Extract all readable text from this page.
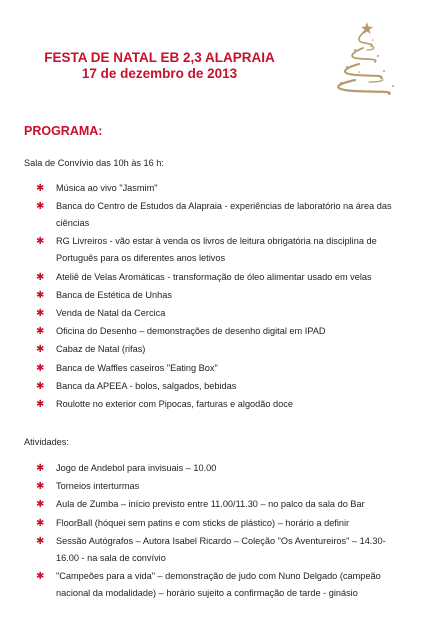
FESTA DE NATAL EB 2,3 ALAPRAIA
17 de dezembro de 2013
PROGRAMA:
Sala de Convívio das 10h às 16 h:
✱ Música ao vivo "Jasmim"
✱ Banca do Centro de Estudos da Alapraia - experiências de laboratório na área das ciências
✱ RG Livreiros - vão estar à venda os livros de leitura obrigatória na disciplina de Português para os diferentes anos letivos
✱ Ateliê de Velas Aromáticas - transformação de óleo alimentar usado em velas
✱ Banca de Estética de Unhas
✱ Venda de Natal da Cercica
✱ Oficina do Desenho – demonstrações de desenho digital em IPAD
✱ Cabaz de Natal (rifas)
✱ Banca de Waffles caseiros "Eating Box"
✱ Banca da APEEA - bolos, salgados, bebidas
✱ Roulotte no exterior com Pipocas, farturas e algodão doce
Atividades:
✱ Jogo de Andebol para invisuais – 10.00
✱ Torneios interturmas
✱ Aula de Zumba – início previsto entre 11.00/11.30 – no palco da sala do Bar
✱ FloorBall (hóquei sem patins e com sticks de plástico) – horário a definir
✱ Sessão Autógrafos – Autora Isabel Ricardo – Coleção "Os Aventureiros" – 14.30-16.00 - na sala de convívio
✱ "Campeões para a vida" – demonstração de judo com Nuno Delgado (campeão nacional da modalidade) – horário sujeito a confirmação de tarde - ginásio
